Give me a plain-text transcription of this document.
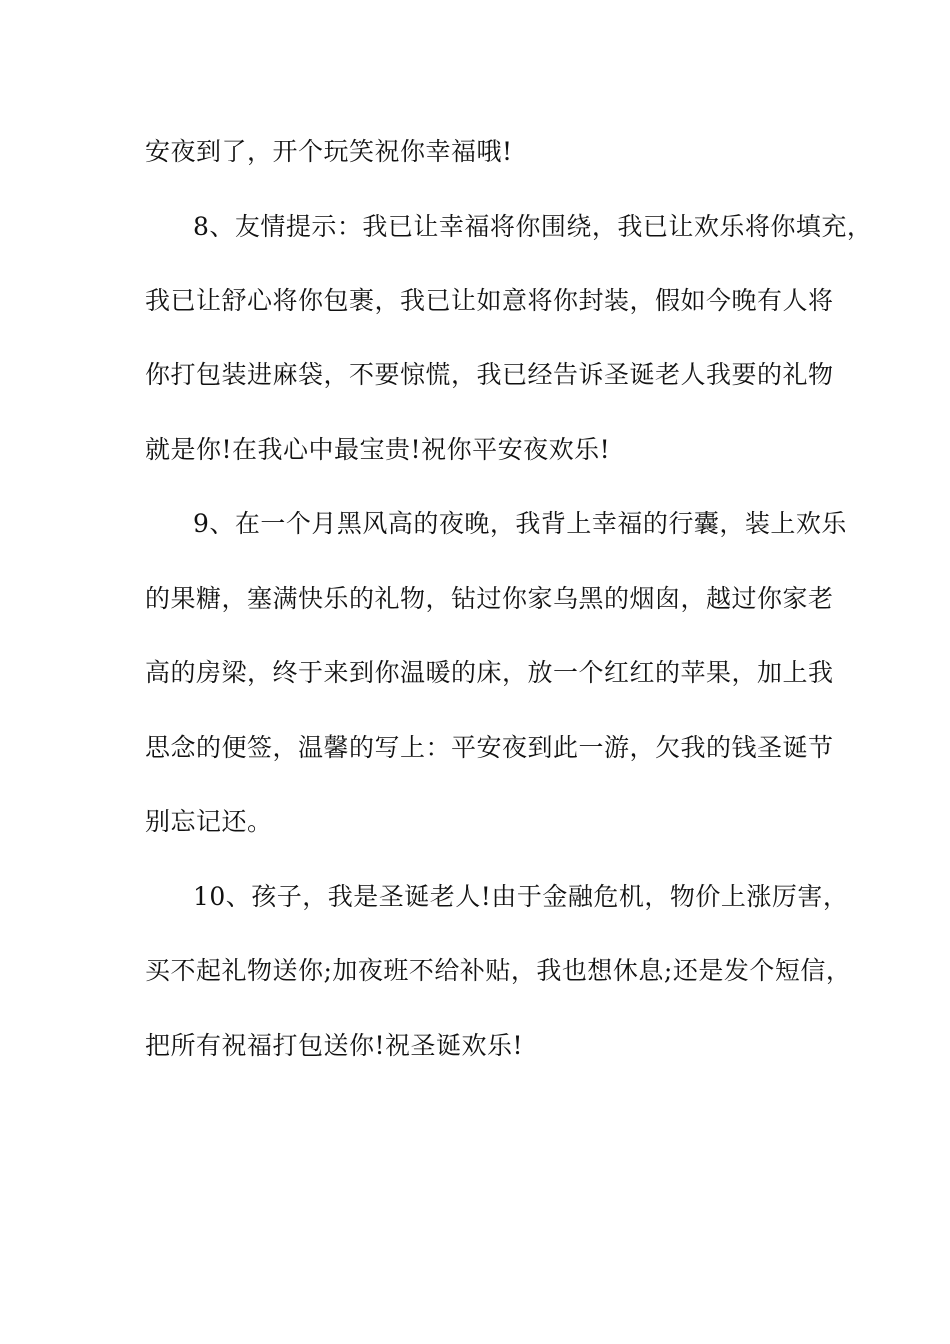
安夜到了，开个玩笑祝你幸福哦!
8、友情提示：我已让幸福将你围绕，我已让欢乐将你填充，
我已让舒心将你包裹，我已让如意将你封装，假如今晚有人将
你打包装进麻袋，不要惊慌，我已经告诉圣诞老人我要的礼物
就是你!在我心中最宝贵!祝你平安夜欢乐!
9、在一个月黑风高的夜晚，我背上幸福的行囊，装上欢乐
的果糖，塞满快乐的礼物，钻过你家乌黑的烟囱，越过你家老
高的房梁，终于来到你温暖的床，放一个红红的苹果，加上我
思念的便签，温馨的写上：平安夜到此一游，欠我的钱圣诞节
别忘记还。
10、孩子，我是圣诞老人!由于金融危机，物价上涨厉害，
买不起礼物送你;加夜班不给补贴，我也想休息;还是发个短信，
把所有祝福打包送你!祝圣诞欢乐!
